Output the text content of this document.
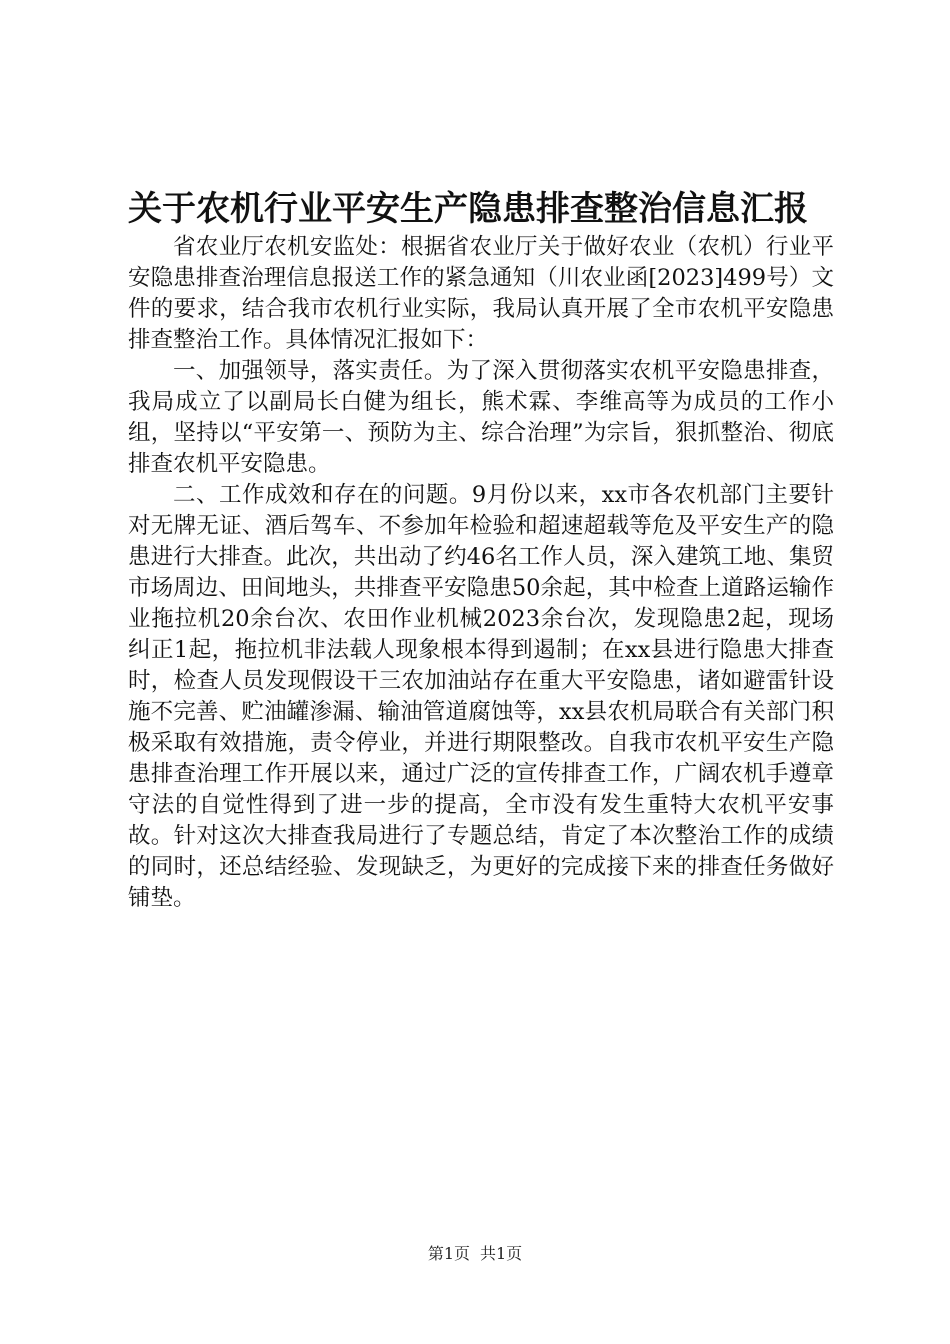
关于农机行业平安生产隐患排查整治信息汇报

省农业厅农机安监处：根据省农业厅关于做好农业（农机）行业平安隐患排查治理信息报送工作的紧急通知（川农业函[2023]499号）文件的要求，结合我市农机行业实际，我局认真开展了全市农机平安隐患排查整治工作。具体情况汇报如下：

一、加强领导，落实责任。为了深入贯彻落实农机平安隐患排查，我局成立了以副局长白健为组长，熊术霖、李维高等为成员的工作小组，坚持以“平安第一、预防为主、综合治理”为宗旨，狠抓整治、彻底排查农机平安隐患。

二、工作成效和存在的问题。9月份以来，xx市各农机部门主要针对无牌无证、酒后驾车、不参加年检验和超速超载等危及平安生产的隐患进行大排查。此次，共出动了约46名工作人员，深入建筑工地、集贸市场周边、田间地头，共排查平安隐患50余起，其中检查上道路运输作业拖拉机20余台次、农田作业机械2023余台次，发现隐患2起，现场纠正1起，拖拉机非法载人现象根本得到遏制；在xx县进行隐患大排查时，检查人员发现假设干三农加油站存在重大平安隐患，诸如避雷针设施不完善、贮油罐渗漏、输油管道腐蚀等，xx县农机局联合有关部门积极采取有效措施，责令停业，并进行期限整改。自我市农机平安生产隐患排查治理工作开展以来，通过广泛的宣传排查工作，广阔农机手遵章守法的自觉性得到了进一步的提高，全市没有发生重特大农机平安事故。针对这次大排查我局进行了专题总结，肯定了本次整治工作的成绩的同时，还总结经验、发现缺乏，为更好的完成接下来的排查任务做好铺垫。

第1页 共1页
